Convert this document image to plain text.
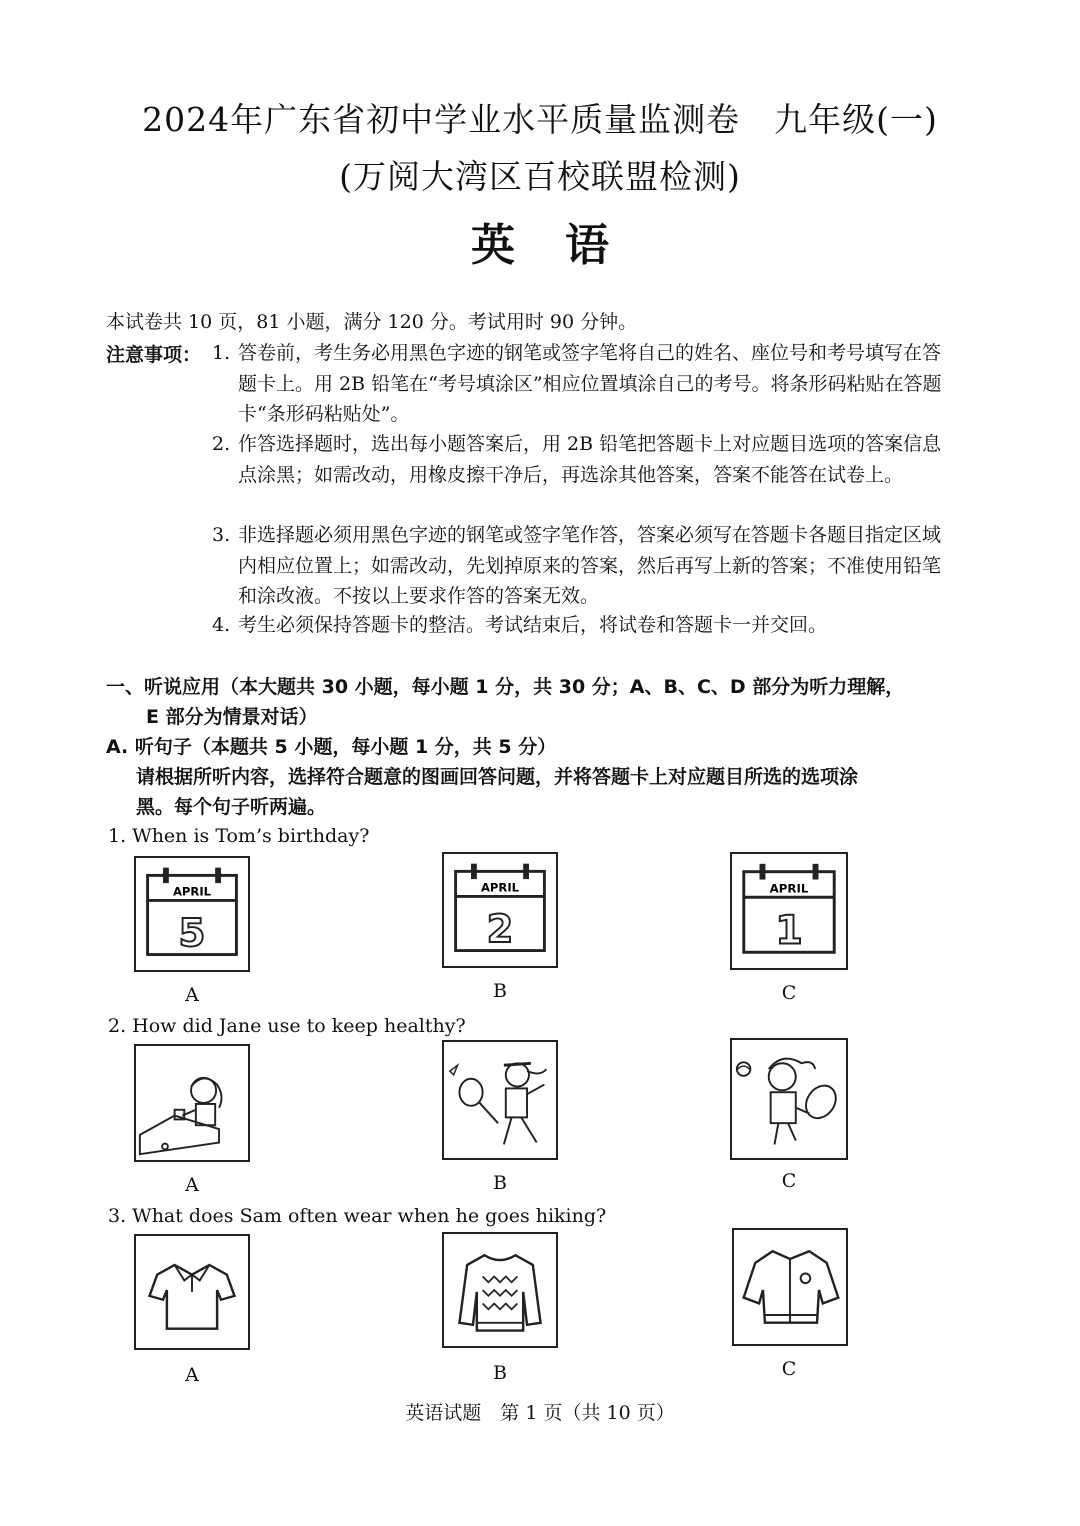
2024年广东省初中学业水平质量监测卷　九年级(一)
(万阅大湾区百校联盟检测)
英语
本试卷共 10 页，81 小题，满分 120 分。考试用时 90 分钟。
注意事项： 1. 答卷前，考生务必用黑色字迹的钢笔或签字笔将自己的姓名、座位号和考号填写在答题卡上。用 2B 铅笔在“考号填涂区”相应位置填涂自己的考号。将条形码粘贴在答题卡“条形码粘贴处”。
2. 作答选择题时，选出每小题答案后，用 2B 铅笔把答题卡上对应题目选项的答案信息点涂黑；如需改动，用橡皮擦干净后，再选涂其他答案，答案不能答在试卷上。
3. 非选择题必须用黑色字迹的钢笔或签字笔作答，答案必须写在答题卡各题目指定区域内相应位置上；如需改动，先划掉原来的答案，然后再写上新的答案；不准使用铅笔和涂改液。不按以上要求作答的答案无效。
4. 考生必须保持答题卡的整洁。考试结束后，将试卷和答题卡一并交回。
一、听说应用（本大题共 30 小题，每小题 1 分，共 30 分；A、B、C、D 部分为听力理解，
E 部分为情景对话）
A. 听句子（本题共 5 小题，每小题 1 分，共 5 分）
请根据所听内容，选择符合题意的图画回答问题，并将答题卡上对应题目所选的选项涂
黑。每个句子听两遍。
1. When is Tom’s birthday?
APRIL
5
APRIL
2
APRIL
1
A	B	C
2. How did Jane use to keep healthy?
A	B	C
3. What does Sam often wear when he goes hiking?
A	B	C
英语试题　第 1 页（共 10 页）
